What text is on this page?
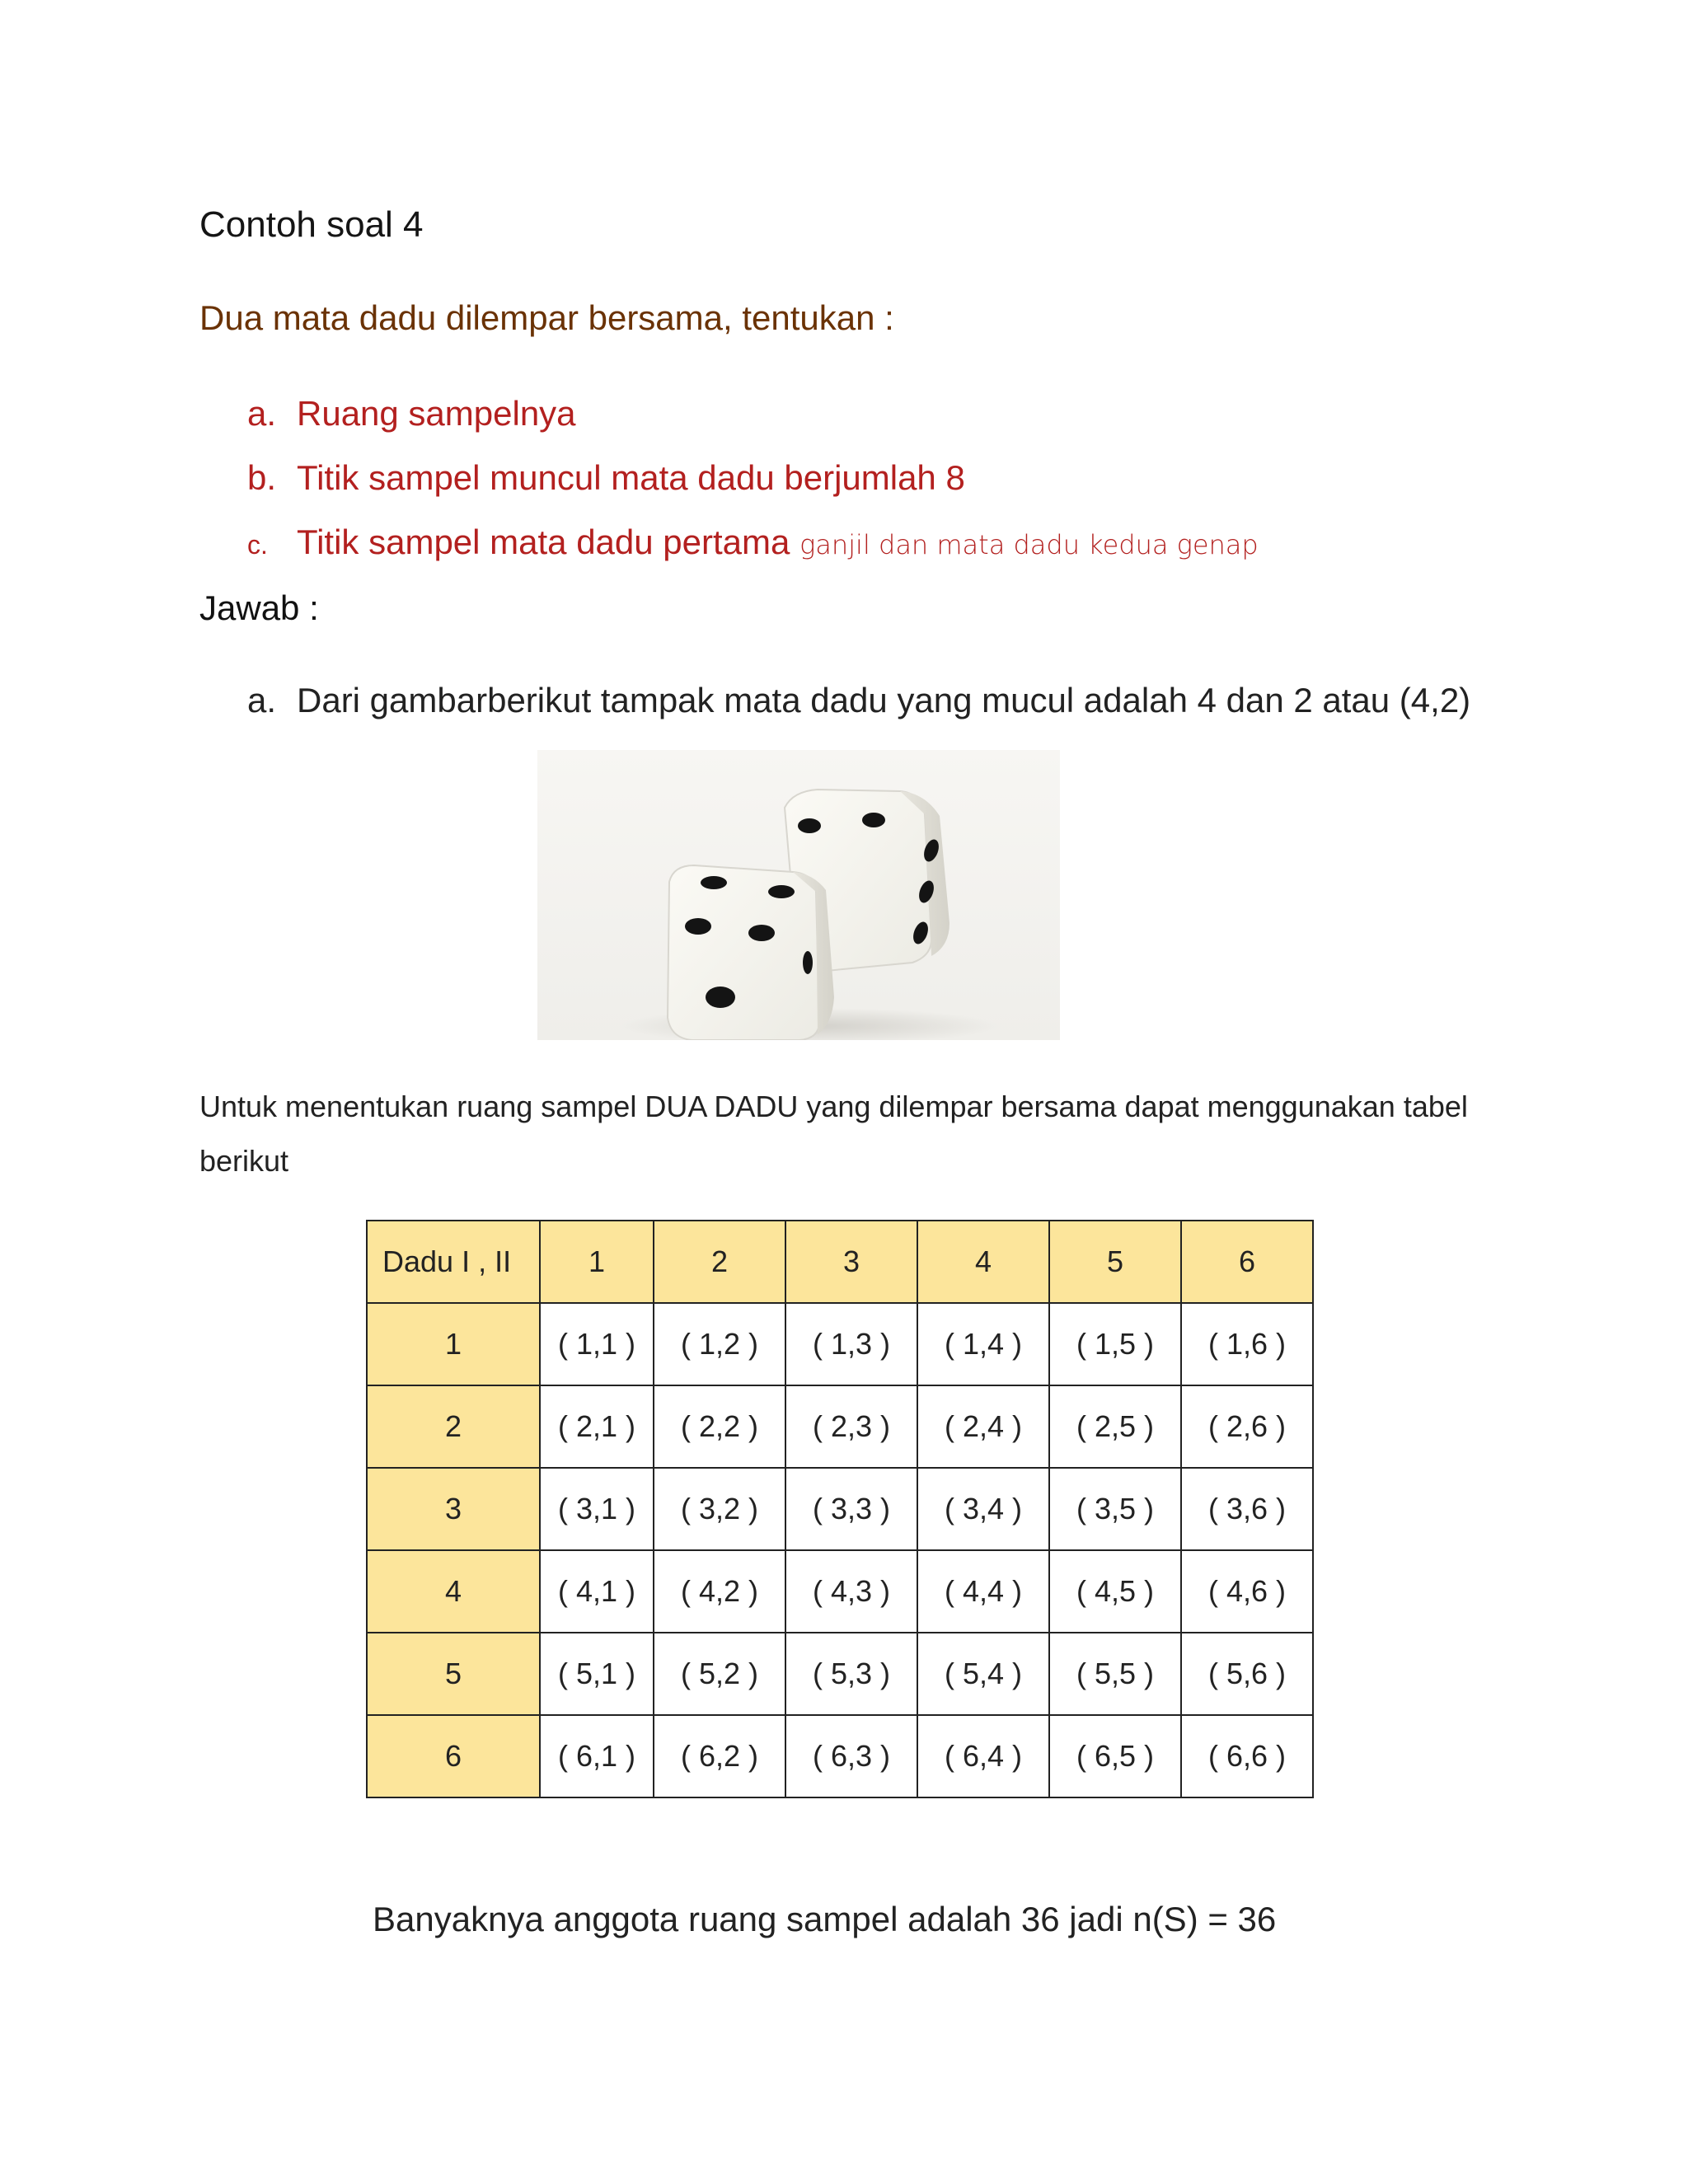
Contoh soal 4
Dua mata dadu dilempar bersama, tentukan :
a. Ruang sampelnya
b. Titik sampel muncul mata dadu berjumlah 8
c. Titik sampel mata dadu pertama ganjil dan mata dadu kedua genap
Jawab :
a. Dari gambarberikut tampak mata dadu yang mucul adalah 4 dan 2 atau (4,2)
Untuk menentukan ruang sampel DUA DADU yang dilempar bersama dapat menggunakan tabel berikut
Dadu I , II	1	2	3	4	5	6
1	( 1,1 )	( 1,2 )	( 1,3 )	( 1,4 )	( 1,5 )	( 1,6 )
2	( 2,1 )	( 2,2 )	( 2,3 )	( 2,4 )	( 2,5 )	( 2,6 )
3	( 3,1 )	( 3,2 )	( 3,3 )	( 3,4 )	( 3,5 )	( 3,6 )
4	( 4,1 )	( 4,2 )	( 4,3 )	( 4,4 )	( 4,5 )	( 4,6 )
5	( 5,1 )	( 5,2 )	( 5,3 )	( 5,4 )	( 5,5 )	( 5,6 )
6	( 6,1 )	( 6,2 )	( 6,3 )	( 6,4 )	( 6,5 )	( 6,6 )
Banyaknya anggota ruang sampel adalah 36 jadi n(S) = 36
